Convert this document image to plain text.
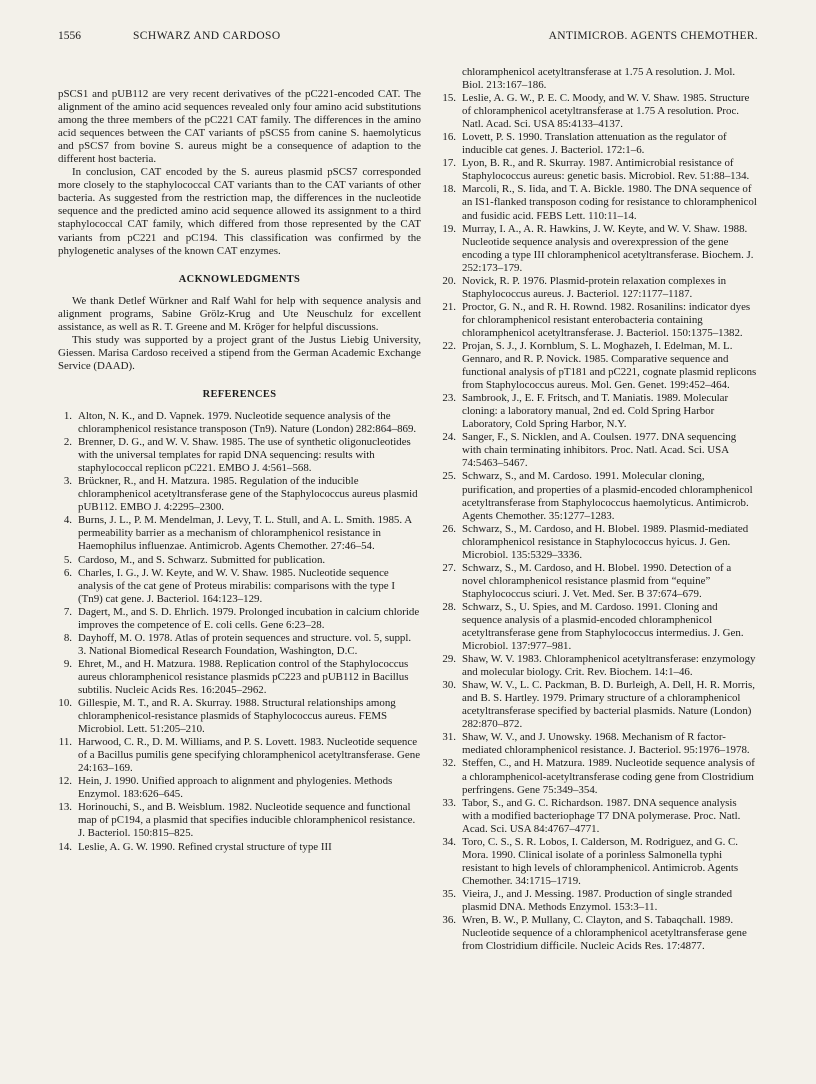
1556	SCHWARZ AND CARDOSO	ANTIMICROB. AGENTS CHEMOTHER.

pSCS1 and pUB112 are very recent derivatives of the pC221-encoded CAT. The alignment of the amino acid sequences revealed only four amino acid substitutions among the three members of the pC221 CAT family. The differences in the amino acid sequences between the CAT variants of pSCS5 from canine S. haemolyticus and pSCS7 from bovine S. aureus might be a consequence of adaption to the different host bacteria.

In conclusion, CAT encoded by the S. aureus plasmid pSCS7 corresponded more closely to the staphylococcal CAT variants than to the CAT variants of other bacteria. As suggested from the restriction map, the differences in the nucleotide sequence and the predicted amino acid sequence allowed its assignment to a third staphylococcal CAT family, which differed from those represented by the CAT variants from pC221 and pC194. This classification was confirmed by the phylogenetic analyses of the known CAT enzymes.

ACKNOWLEDGMENTS

We thank Detlef Würkner and Ralf Wahl for help with sequence analysis and alignment programs, Sabine Grölz-Krug and Ute Neuschulz for excellent assistance, as well as R. T. Greene and M. Kröger for helpful discussions.

This study was supported by a project grant of the Justus Liebig University, Giessen. Marisa Cardoso received a stipend from the German Academic Exchange Service (DAAD).

REFERENCES
1. Alton, N. K., and D. Vapnek. 1979. Nucleotide sequence analysis of the chloramphenicol resistance transposon (Tn9). Nature (London) 282:864–869.
2. Brenner, D. G., and W. V. Shaw. 1985. The use of synthetic oligonucleotides with the universal templates for rapid DNA sequencing: results with staphylococcal replicon pC221. EMBO J. 4:561–568.
3. Brückner, R., and H. Matzura. 1985. Regulation of the inducible chloramphenicol acetyltransferase gene of the Staphylococcus aureus plasmid pUB112. EMBO J. 4:2295–2300.
4. Burns, J. L., P. M. Mendelman, J. Levy, T. L. Stull, and A. L. Smith. 1985. A permeability barrier as a mechanism of chloramphenicol resistance in Haemophilus influenzae. Antimicrob. Agents Chemother. 27:46–54.
5. Cardoso, M., and S. Schwarz. Submitted for publication.
6. Charles, I. G., J. W. Keyte, and W. V. Shaw. 1985. Nucleotide sequence analysis of the cat gene of Proteus mirabilis: comparisons with the type I (Tn9) cat gene. J. Bacteriol. 164:123–129.
7. Dagert, M., and S. D. Ehrlich. 1979. Prolonged incubation in calcium chloride improves the competence of E. coli cells. Gene 6:23–28.
8. Dayhoff, M. O. 1978. Atlas of protein sequences and structure. vol. 5, suppl. 3. National Biomedical Research Foundation, Washington, D.C.
9. Ehret, M., and H. Matzura. 1988. Replication control of the Staphylococcus aureus chloramphenicol resistance plasmids pC223 and pUB112 in Bacillus subtilis. Nucleic Acids Res. 16:2045–2962.
10. Gillespie, M. T., and R. A. Skurray. 1988. Structural relationships among chloramphenicol-resistance plasmids of Staphylococcus aureus. FEMS Microbiol. Lett. 51:205–210.
11. Harwood, C. R., D. M. Williams, and P. S. Lovett. 1983. Nucleotide sequence of a Bacillus pumilis gene specifying chloramphenicol acetyltransferase. Gene 24:163–169.
12. Hein, J. 1990. Unified approach to alignment and phylogenies. Methods Enzymol. 183:626–645.
13. Horinouchi, S., and B. Weisblum. 1982. Nucleotide sequence and functional map of pC194, a plasmid that specifies inducible chloramphenicol resistance. J. Bacteriol. 150:815–825.
14. Leslie, A. G. W. 1990. Refined crystal structure of type III
chloramphenicol acetyltransferase at 1.75 A resolution. J. Mol. Biol. 213:167–186.
15. Leslie, A. G. W., P. E. C. Moody, and W. V. Shaw. 1985. Structure of chloramphenicol acetyltransferase at 1.75 A resolution. Proc. Natl. Acad. Sci. USA 85:4133–4137.
16. Lovett, P. S. 1990. Translation attenuation as the regulator of inducible cat genes. J. Bacteriol. 172:1–6.
17. Lyon, B. R., and R. Skurray. 1987. Antimicrobial resistance of Staphylococcus aureus: genetic basis. Microbiol. Rev. 51:88–134.
18. Marcoli, R., S. Iida, and T. A. Bickle. 1980. The DNA sequence of an IS1-flanked transposon coding for resistance to chloramphenicol and fusidic acid. FEBS Lett. 110:11–14.
19. Murray, I. A., A. R. Hawkins, J. W. Keyte, and W. V. Shaw. 1988. Nucleotide sequence analysis and overexpression of the gene encoding a type III chloramphenicol acetyltransferase. Biochem. J. 252:173–179.
20. Novick, R. P. 1976. Plasmid-protein relaxation complexes in Staphylococcus aureus. J. Bacteriol. 127:1177–1187.
21. Proctor, G. N., and R. H. Rownd. 1982. Rosanilins: indicator dyes for chloramphenicol resistant enterobacteria containing chloramphenicol acetyltransferase. J. Bacteriol. 150:1375–1382.
22. Projan, S. J., J. Kornblum, S. L. Moghazeh, I. Edelman, M. L. Gennaro, and R. P. Novick. 1985. Comparative sequence and functional analysis of pT181 and pC221, cognate plasmid replicons from Staphylococcus aureus. Mol. Gen. Genet. 199:452–464.
23. Sambrook, J., E. F. Fritsch, and T. Maniatis. 1989. Molecular cloning: a laboratory manual, 2nd ed. Cold Spring Harbor Laboratory, Cold Spring Harbor, N.Y.
24. Sanger, F., S. Nicklen, and A. Coulsen. 1977. DNA sequencing with chain terminating inhibitors. Proc. Natl. Acad. Sci. USA 74:5463–5467.
25. Schwarz, S., and M. Cardoso. 1991. Molecular cloning, purification, and properties of a plasmid-encoded chloramphenicol acetyltransferase from Staphylococcus haemolyticus. Antimicrob. Agents Chemother. 35:1277–1283.
26. Schwarz, S., M. Cardoso, and H. Blobel. 1989. Plasmid-mediated chloramphenicol resistance in Staphylococcus hyicus. J. Gen. Microbiol. 135:5329–3336.
27. Schwarz, S., M. Cardoso, and H. Blobel. 1990. Detection of a novel chloramphenicol resistance plasmid from “equine” Staphylococcus sciuri. J. Vet. Med. Ser. B 37:674–679.
28. Schwarz, S., U. Spies, and M. Cardoso. 1991. Cloning and sequence analysis of a plasmid-encoded chloramphenicol acetyltransferase gene from Staphylococcus intermedius. J. Gen. Microbiol. 137:977–981.
29. Shaw, W. V. 1983. Chloramphenicol acetyltransferase: enzymology and molecular biology. Crit. Rev. Biochem. 14:1–46.
30. Shaw, W. V., L. C. Packman, B. D. Burleigh, A. Dell, H. R. Morris, and B. S. Hartley. 1979. Primary structure of a chloramphenicol acetyltransferase specified by bacterial plasmids. Nature (London) 282:870–872.
31. Shaw, W. V., and J. Unowsky. 1968. Mechanism of R factor-mediated chloramphenicol resistance. J. Bacteriol. 95:1976–1978.
32. Steffen, C., and H. Matzura. 1989. Nucleotide sequence analysis of a chloramphenicol-acetyltransferase coding gene from Clostridium perfringens. Gene 75:349–354.
33. Tabor, S., and G. C. Richardson. 1987. DNA sequence analysis with a modified bacteriophage T7 DNA polymerase. Proc. Natl. Acad. Sci. USA 84:4767–4771.
34. Toro, C. S., S. R. Lobos, I. Calderson, M. Rodriguez, and G. C. Mora. 1990. Clinical isolate of a porinless Salmonella typhi resistant to high levels of chloramphenicol. Antimicrob. Agents Chemother. 34:1715–1719.
35. Vieira, J., and J. Messing. 1987. Production of single stranded plasmid DNA. Methods Enzymol. 153:3–11.
36. Wren, B. W., P. Mullany, C. Clayton, and S. Tabaqchall. 1989. Nucleotide sequence of a chloramphenicol acetyltransferase gene from Clostridium difficile. Nucleic Acids Res. 17:4877.
